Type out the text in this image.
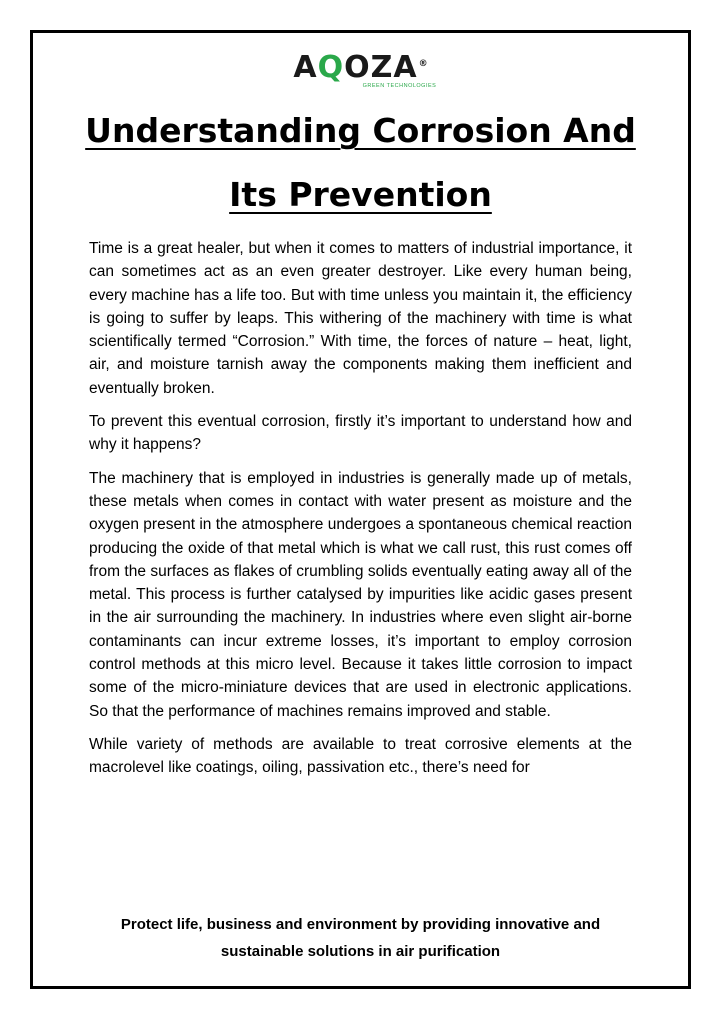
AQOZA®
GREEN TECHNOLOGIES
Understanding Corrosion And
Its Prevention

Time is a great healer, but when it comes to matters of industrial importance, it can sometimes act as an even greater destroyer. Like every human being, every machine has a life too. But with time unless you maintain it, the efficiency is going to suffer by leaps. This withering of the machinery with time is what scientifically termed “Corrosion.” With time, the forces of nature – heat, light, air, and moisture tarnish away the components making them inefficient and eventually broken.

To prevent this eventual corrosion, firstly it’s important to understand how and why it happens?

The machinery that is employed in industries is generally made up of metals, these metals when comes in contact with water present as moisture and the oxygen present in the atmosphere undergoes a spontaneous chemical reaction producing the oxide of that metal which is what we call rust, this rust comes off from the surfaces as flakes of crumbling solids eventually eating away all of the metal. This process is further catalysed by impurities like acidic gases present in the air surrounding the machinery. In industries where even slight air-borne contaminants can incur extreme losses, it’s important to employ corrosion control methods at this micro level. Because it takes little corrosion to impact some of the micro-miniature devices that are used in electronic applications. So that the performance of machines remains improved and stable.

While variety of methods are available to treat corrosive elements at the macrolevel like coatings, oiling, passivation etc., there’s need for

Protect life, business and environment by providing innovative and
sustainable solutions in air purification
